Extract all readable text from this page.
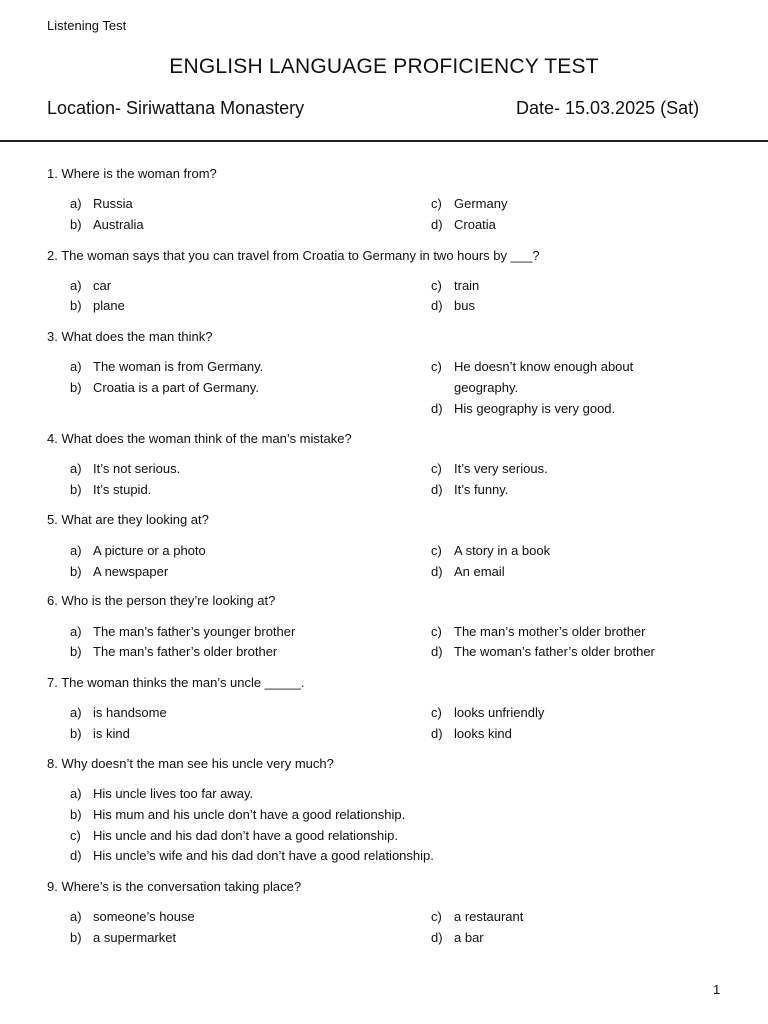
Listening Test
ENGLISH LANGUAGE PROFICIENCY TEST
Location- Siriwattana Monastery	Date- 15.03.2025 (Sat)
1. Where is the woman from?
a) Russia
b) Australia
c) Germany
d) Croatia
2. The woman says that you can travel from Croatia to Germany in two hours by ___?
a) car
b) plane
c) train
d) bus
3. What does the man think?
a) The woman is from Germany.
b) Croatia is a part of Germany.
c) He doesn’t know enough about
geography.
d) His geography is very good.
4. What does the woman think of the man’s mistake?
a) It’s not serious.
b) It’s stupid.
c) It’s very serious.
d) It’s funny.
5. What are they looking at?
a) A picture or a photo
b) A newspaper
c) A story in a book
d) An email
6. Who is the person they’re looking at?
a) The man’s father’s younger brother
b) The man’s father’s older brother
c) The man’s mother’s older brother
d) The woman’s father’s older brother
7. The woman thinks the man’s uncle _____.
a) is handsome
b) is kind
c) looks unfriendly
d) looks kind
8. Why doesn’t the man see his uncle very much?
a) His uncle lives too far away.
b) His mum and his uncle don’t have a good relationship.
c) His uncle and his dad don’t have a good relationship.
d) His uncle’s wife and his dad don’t have a good relationship.
9. Where’s is the conversation taking place?
a) someone’s house
b) a supermarket
c) a restaurant
d) a bar
1
